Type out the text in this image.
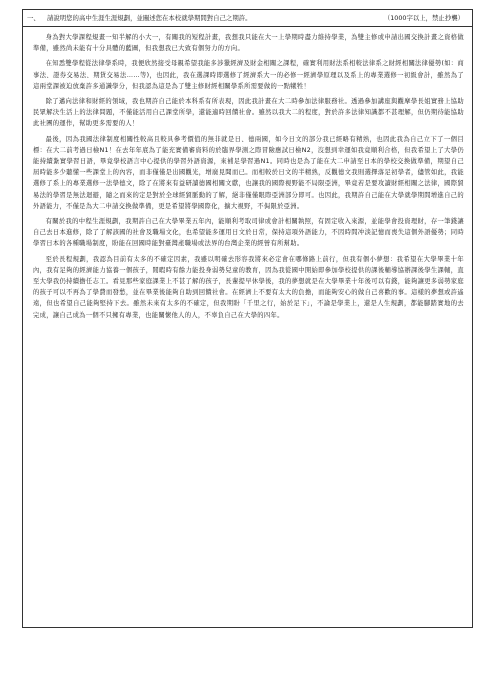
一、 請說明您的高中生涯生涯規劃，並闡述您在本校就學期間對自己之期許。	（1000字以上，禁止抄襲）

身為對大學課程規畫一知半解的小大一，有關我的短程計畫，我想我只能在大一上學期時盡力維持學業，為雙主修或申請出國交換計畫之資格做準備，雖然尚未能有十分具體的藍圖，但我想我已大致有個努力的方向。

在知悉雙學程從法律學系時，我便欣然接受母親希望我能多涉獵經濟及財金相關之課程，確實利用財法系相較法律系之財經相關法律優勢(如：商事法、證券交易法、期貨交易法……等)，也因此，我在選課時即選修了經濟系大一的必修一經濟學原理以及系上的專業選修一初級會計，雖然為了這兩堂課被迫放棄許多通識學分，但我認為這是為了雙主修財經相關學系所需要做的一點犧牲！

除了邁向法律和財經的領域，我也期許自己能於本科系有所表現，因此我計畫在大二時參加法律服務社。透過參加講座與觀摩學長姐實務上協助民眾解決生活上的法律問題，不僅能活用自己課堂所學，還能適時回饋社會。雖然以我大二的程度，對於許多法律知識都不甚理解，但仍期待能協助此社團的運作，幫助更多需要的人！

最後，因為我國法律制度相關性較高且較具參考價值的無非就是日、德兩國，如今日文的部分我已經略有精熟，也因此我為自己立下了一個目標：在大二前考過日檢N1！在去年年底為了能充實備審資料的於臨界學測之際冒險應試日檢N2，沒想到幸運如我竟順利合格，但我希望上了大學仍能持續紮實學習日語，畢竟學校語言中心提供的學習外語資源，來補足學習過N1。同時也是為了能在大二申請至日本的學校交換做準備，期望自己屆時能多少聽懂一些課堂上的內容，而非僅僅是出國觀光，增廣見聞而已。而相較於日文的半精熟，反觀德文我則選擇落足初學者，儘管如此，我能選修了系上的專業選修一法學德文，除了在將來有益研讀德國相關文獻，也讓我的國際視野能不局限亞洲，畢竟若是要攻讀財經相關之法律，國際貿易法的學習是無法迴避，隨之而來的定是對於全球經貿脈動的了解，絕非僅僅眼際亞洲部分即可。也因此，我期許自己能在大學就學期間增進自己的外語能力，不僅是為大二申請交換做準備，更是希望將學國際化，擴大視野，不侷限於亞洲。

有關於我的中程生涯規劃，我期許自己在大學畢業五年內，能順利考取司律或會計相關執照，有固定收入來源，並能學會投資理財，存一筆錢讓自己去日本進修，除了了解該國的社會及職場文化，也希望能多運用日文於日常，保持這項外語能力，不因時間冲淡記憶而喪失這個外語優勢；同時學習日本的各種職場制度，盼能在回國時能對臺灣產職場或法界的台灣企業的經營有所幫助。

至於長程規劃，我認為目前有太多的不確定因素，我雖以明確去形容我將來必定會在哪條路上前行，但我有個小夢想：我希望在大學畢業十年內，我有足夠的經濟能力協養一個孩子，閒暇時有餘力能投身弱勢兒童的教育，因為我從國中開始即參加學校提供的課後輔導協辦課後學生課輔，直至大學我仍持續擔任志工。看見那些家庭課業上不甚了解的孩子，長輩提早休學後，我的夢想就是在大學畢業十年後可以有錢，能夠讓更多弱勢家庭的孩子可以不再為了學費而發愁，並在畢業後能夠自助到回饋社會。在經濟上不要有太大的負擔，而能夠安心的做自己喜歡的事。這樣的夢想或許遙遠，但也希望自己能夠堅持下去。雖然未來有太多的不確定，但我期盼「千里之行，始於足下」，不論是學業上，還是人生規劃，都能腳踏實地的去完成，讓自己成為一個不只擁有專業，也能關懷他人的人，不辜負自己在大學的四年。
